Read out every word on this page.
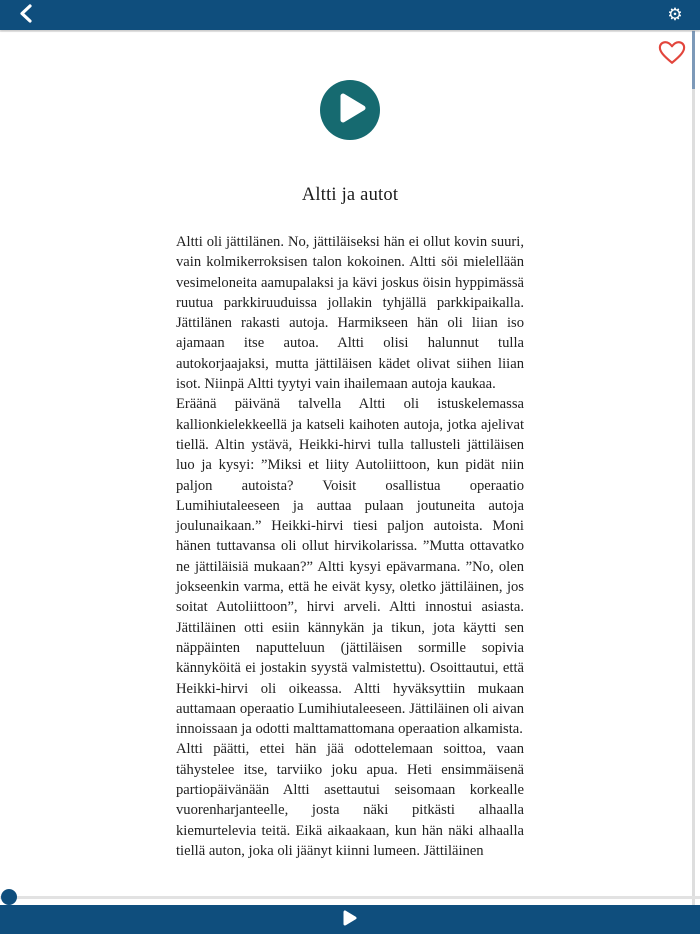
⚙
Altti ja autot

Altti oli jättilänen. No, jättiläiseksi hän ei ollut kovin suuri, vain kolmikerroksisen talon kokoinen. Altti söi mielellään vesimeloneita aamupalaksi ja kävi joskus öisin hyppimässä ruutua parkkiruuduissa jollakin tyhjällä parkkipaikalla. Jättilänen rakasti autoja. Harmikseen hän oli liian iso ajamaan itse autoa. Altti olisi halunnut tulla autokorjaajaksi, mutta jättiläisen kädet olivat siihen liian isot. Niinpä Altti tyytyi vain ihailemaan autoja kaukaa.

Eräänä päivänä talvella Altti oli istuskelemassa kallionkielekkeellä ja katseli kaihoten autoja, jotka ajelivat tiellä. Altin ystävä, Heikki-hirvi tulla tallusteli jättiläisen luo ja kysyi: ”Miksi et liity Autoliittoon, kun pidät niin paljon autoista? Voisit osallistua operaatio Lumihiutaleeseen ja auttaa pulaan joutuneita autoja joulunaikaan.” Heikki-hirvi tiesi paljon autoista. Moni hänen tuttavansa oli ollut hirvikolarissa. ”Mutta ottavatko ne jättiläisiä mukaan?” Altti kysyi epävarmana. ”No, olen jokseenkin varma, että he eivät kysy, oletko jättiläinen, jos soitat Autoliittoon”, hirvi arveli. Altti innostui asiasta. Jättiläinen otti esiin kännykän ja tikun, jota käytti sen näppäinten naputteluun (jättiläisen sormille sopivia kännyköitä ei jostakin syystä valmistettu). Osoittautui, että Heikki-hirvi oli oikeassa. Altti hyväksyttiin mukaan auttamaan operaatio Lumihiutaleeseen. Jättiläinen oli aivan innoissaan ja odotti malttamattomana operaation alkamista.

Altti päätti, ettei hän jää odottelemaan soittoa, vaan tähystelee itse, tarviiko joku apua. Heti ensimmäisenä partiopäivänään Altti asettautui seisomaan korkealle vuorenharjanteelle, josta näki pitkästi alhaalla kiemurtelevia teitä. Eikä aikaakaan, kun hän näki alhaalla tiellä auton, joka oli jäänyt kiinni lumeen. Jättiläinen
